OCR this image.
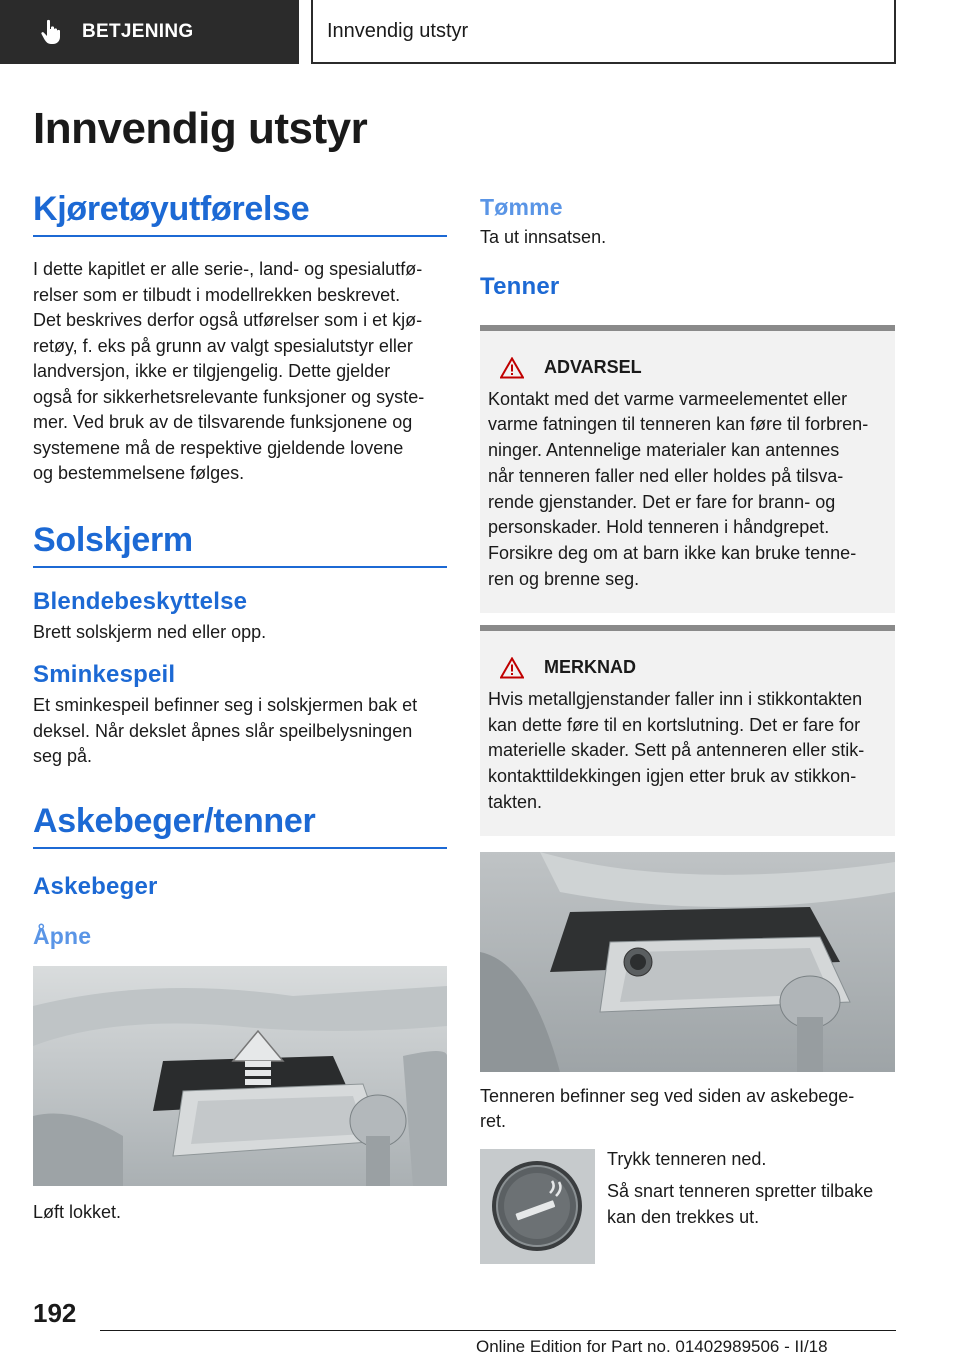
BETJENING	Innvendig utstyr
Innvendig utstyr
Kjøretøyutførelse
I dette kapitlet er alle serie-, land- og spesialutfø-
relser som er tilbudt i modellrekken beskrevet.
Det beskrives derfor også utførelser som i et kjø-
retøy, f. eks på grunn av valgt spesialutstyr eller
landversjon, ikke er tilgjengelig. Dette gjelder
også for sikkerhetsrelevante funksjoner og syste-
mer. Ved bruk av de tilsvarende funksjonene og
systemene må de respektive gjeldende lovene
og bestemmelsene følges.
Solskjerm
Blendebeskyttelse
Brett solskjerm ned eller opp.
Sminkespeil
Et sminkespeil befinner seg i solskjermen bak et
deksel. Når dekslet åpnes slår speilbelysningen
seg på.
Askebeger/tenner
Askebeger
Åpne
Løft lokket.
Tømme
Ta ut innsatsen.
Tenner
ADVARSEL
Kontakt med det varme varmeelementet eller
varme fatningen til tenneren kan føre til forbren-
ninger. Antennelige materialer kan antennes
når tenneren faller ned eller holdes på tilsva-
rende gjenstander. Det er fare for brann- og
personskader. Hold tenneren i håndgrepet.
Forsikre deg om at barn ikke kan bruke tenne-
ren og brenne seg.
MERKNAD
Hvis metallgjenstander faller inn i stikkontakten
kan dette føre til en kortslutning. Det er fare for
materielle skader. Sett på antenneren eller stik-
kontakttildekkingen igjen etter bruk av stikkon-
takten.
Tenneren befinner seg ved siden av askebege-
ret.
Trykk tenneren ned.
Så snart tenneren spretter tilbake
kan den trekkes ut.
192
Online Edition for Part no. 01402989506 - II/18
